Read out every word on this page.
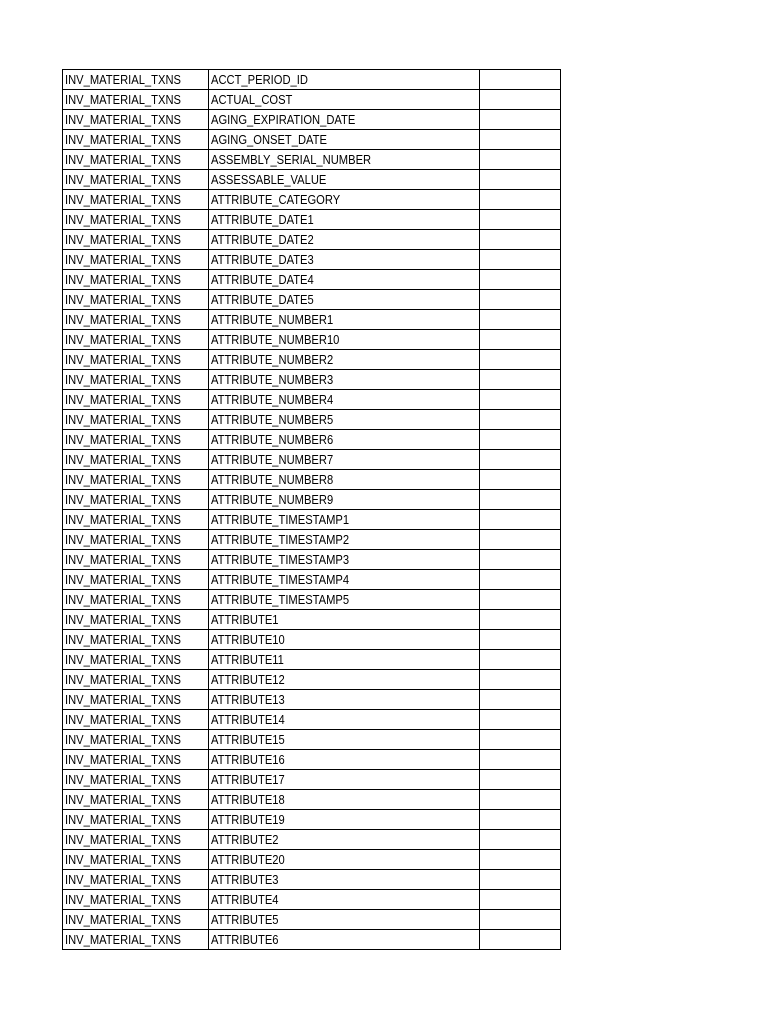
INV_MATERIAL_TXNS	ACCT_PERIOD_ID	
INV_MATERIAL_TXNS	ACTUAL_COST	
INV_MATERIAL_TXNS	AGING_EXPIRATION_DATE	
INV_MATERIAL_TXNS	AGING_ONSET_DATE	
INV_MATERIAL_TXNS	ASSEMBLY_SERIAL_NUMBER	
INV_MATERIAL_TXNS	ASSESSABLE_VALUE	
INV_MATERIAL_TXNS	ATTRIBUTE_CATEGORY	
INV_MATERIAL_TXNS	ATTRIBUTE_DATE1	
INV_MATERIAL_TXNS	ATTRIBUTE_DATE2	
INV_MATERIAL_TXNS	ATTRIBUTE_DATE3	
INV_MATERIAL_TXNS	ATTRIBUTE_DATE4	
INV_MATERIAL_TXNS	ATTRIBUTE_DATE5	
INV_MATERIAL_TXNS	ATTRIBUTE_NUMBER1	
INV_MATERIAL_TXNS	ATTRIBUTE_NUMBER10	
INV_MATERIAL_TXNS	ATTRIBUTE_NUMBER2	
INV_MATERIAL_TXNS	ATTRIBUTE_NUMBER3	
INV_MATERIAL_TXNS	ATTRIBUTE_NUMBER4	
INV_MATERIAL_TXNS	ATTRIBUTE_NUMBER5	
INV_MATERIAL_TXNS	ATTRIBUTE_NUMBER6	
INV_MATERIAL_TXNS	ATTRIBUTE_NUMBER7	
INV_MATERIAL_TXNS	ATTRIBUTE_NUMBER8	
INV_MATERIAL_TXNS	ATTRIBUTE_NUMBER9	
INV_MATERIAL_TXNS	ATTRIBUTE_TIMESTAMP1	
INV_MATERIAL_TXNS	ATTRIBUTE_TIMESTAMP2	
INV_MATERIAL_TXNS	ATTRIBUTE_TIMESTAMP3	
INV_MATERIAL_TXNS	ATTRIBUTE_TIMESTAMP4	
INV_MATERIAL_TXNS	ATTRIBUTE_TIMESTAMP5	
INV_MATERIAL_TXNS	ATTRIBUTE1	
INV_MATERIAL_TXNS	ATTRIBUTE10	
INV_MATERIAL_TXNS	ATTRIBUTE11	
INV_MATERIAL_TXNS	ATTRIBUTE12	
INV_MATERIAL_TXNS	ATTRIBUTE13	
INV_MATERIAL_TXNS	ATTRIBUTE14	
INV_MATERIAL_TXNS	ATTRIBUTE15	
INV_MATERIAL_TXNS	ATTRIBUTE16	
INV_MATERIAL_TXNS	ATTRIBUTE17	
INV_MATERIAL_TXNS	ATTRIBUTE18	
INV_MATERIAL_TXNS	ATTRIBUTE19	
INV_MATERIAL_TXNS	ATTRIBUTE2	
INV_MATERIAL_TXNS	ATTRIBUTE20	
INV_MATERIAL_TXNS	ATTRIBUTE3	
INV_MATERIAL_TXNS	ATTRIBUTE4	
INV_MATERIAL_TXNS	ATTRIBUTE5	
INV_MATERIAL_TXNS	ATTRIBUTE6	
